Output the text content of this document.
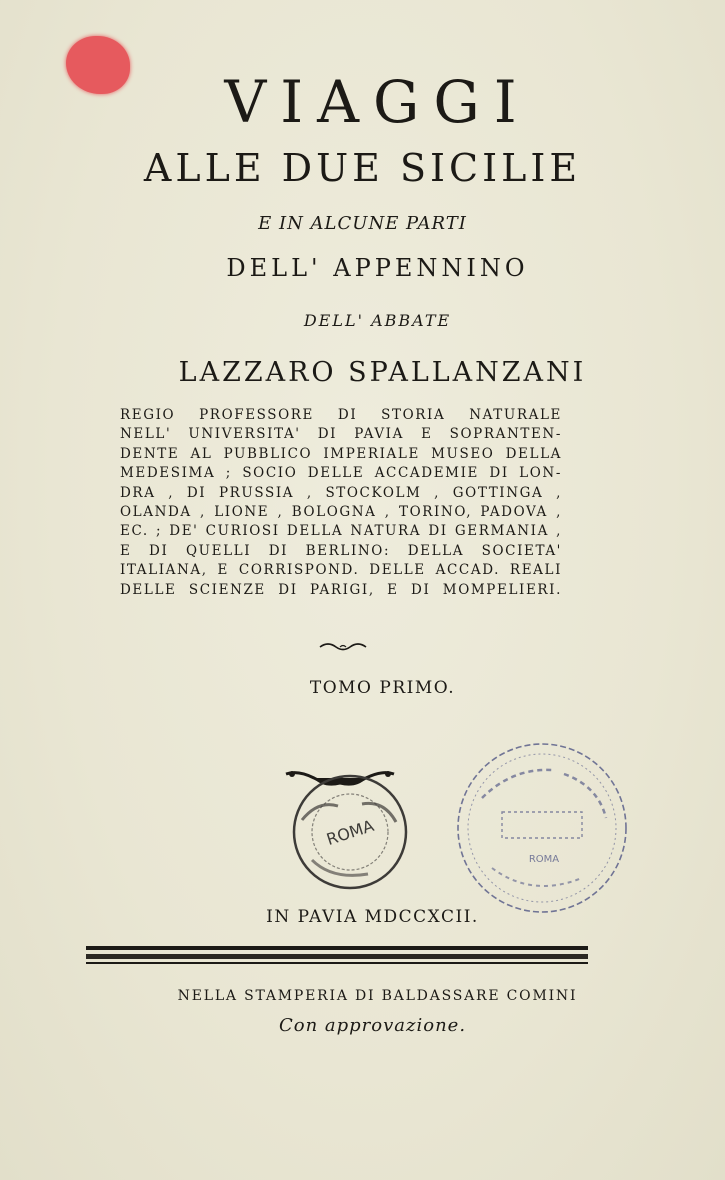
VIAGGI
ALLE DUE SICILIE
E IN ALCUNE PARTI
DELL' APPENNINO
DELL' ABBATE
LAZZARO SPALLANZANI
REGIO PROFESSORE DI STORIA NATURALE
NELL' UNIVERSITA' DI PAVIA E SOPRANTEN-
DENTE AL PUBBLICO IMPERIALE MUSEO DELLA
MEDESIMA ; SOCIO DELLE ACCADEMIE DI LON-
DRA , DI PRUSSIA , STOCKOLM , GOTTINGA ,
OLANDA , LIONE , BOLOGNA , TORINO, PADOVA ,
EC. ; DE' CURIOSI DELLA NATURA DI GERMANIA ,
E DI QUELLI DI BERLINO: DELLA SOCIETA'
ITALIANA, E CORRISPOND. DELLE ACCAD. REALI
DELLE SCIENZE DI PARIGI, E DI MOMPELIERI.
TOMO PRIMO.
ROMA
ROMA
IN PAVIA MDCCXCII.
NELLA STAMPERIA DI BALDASSARE COMINI
Con approvazione.
